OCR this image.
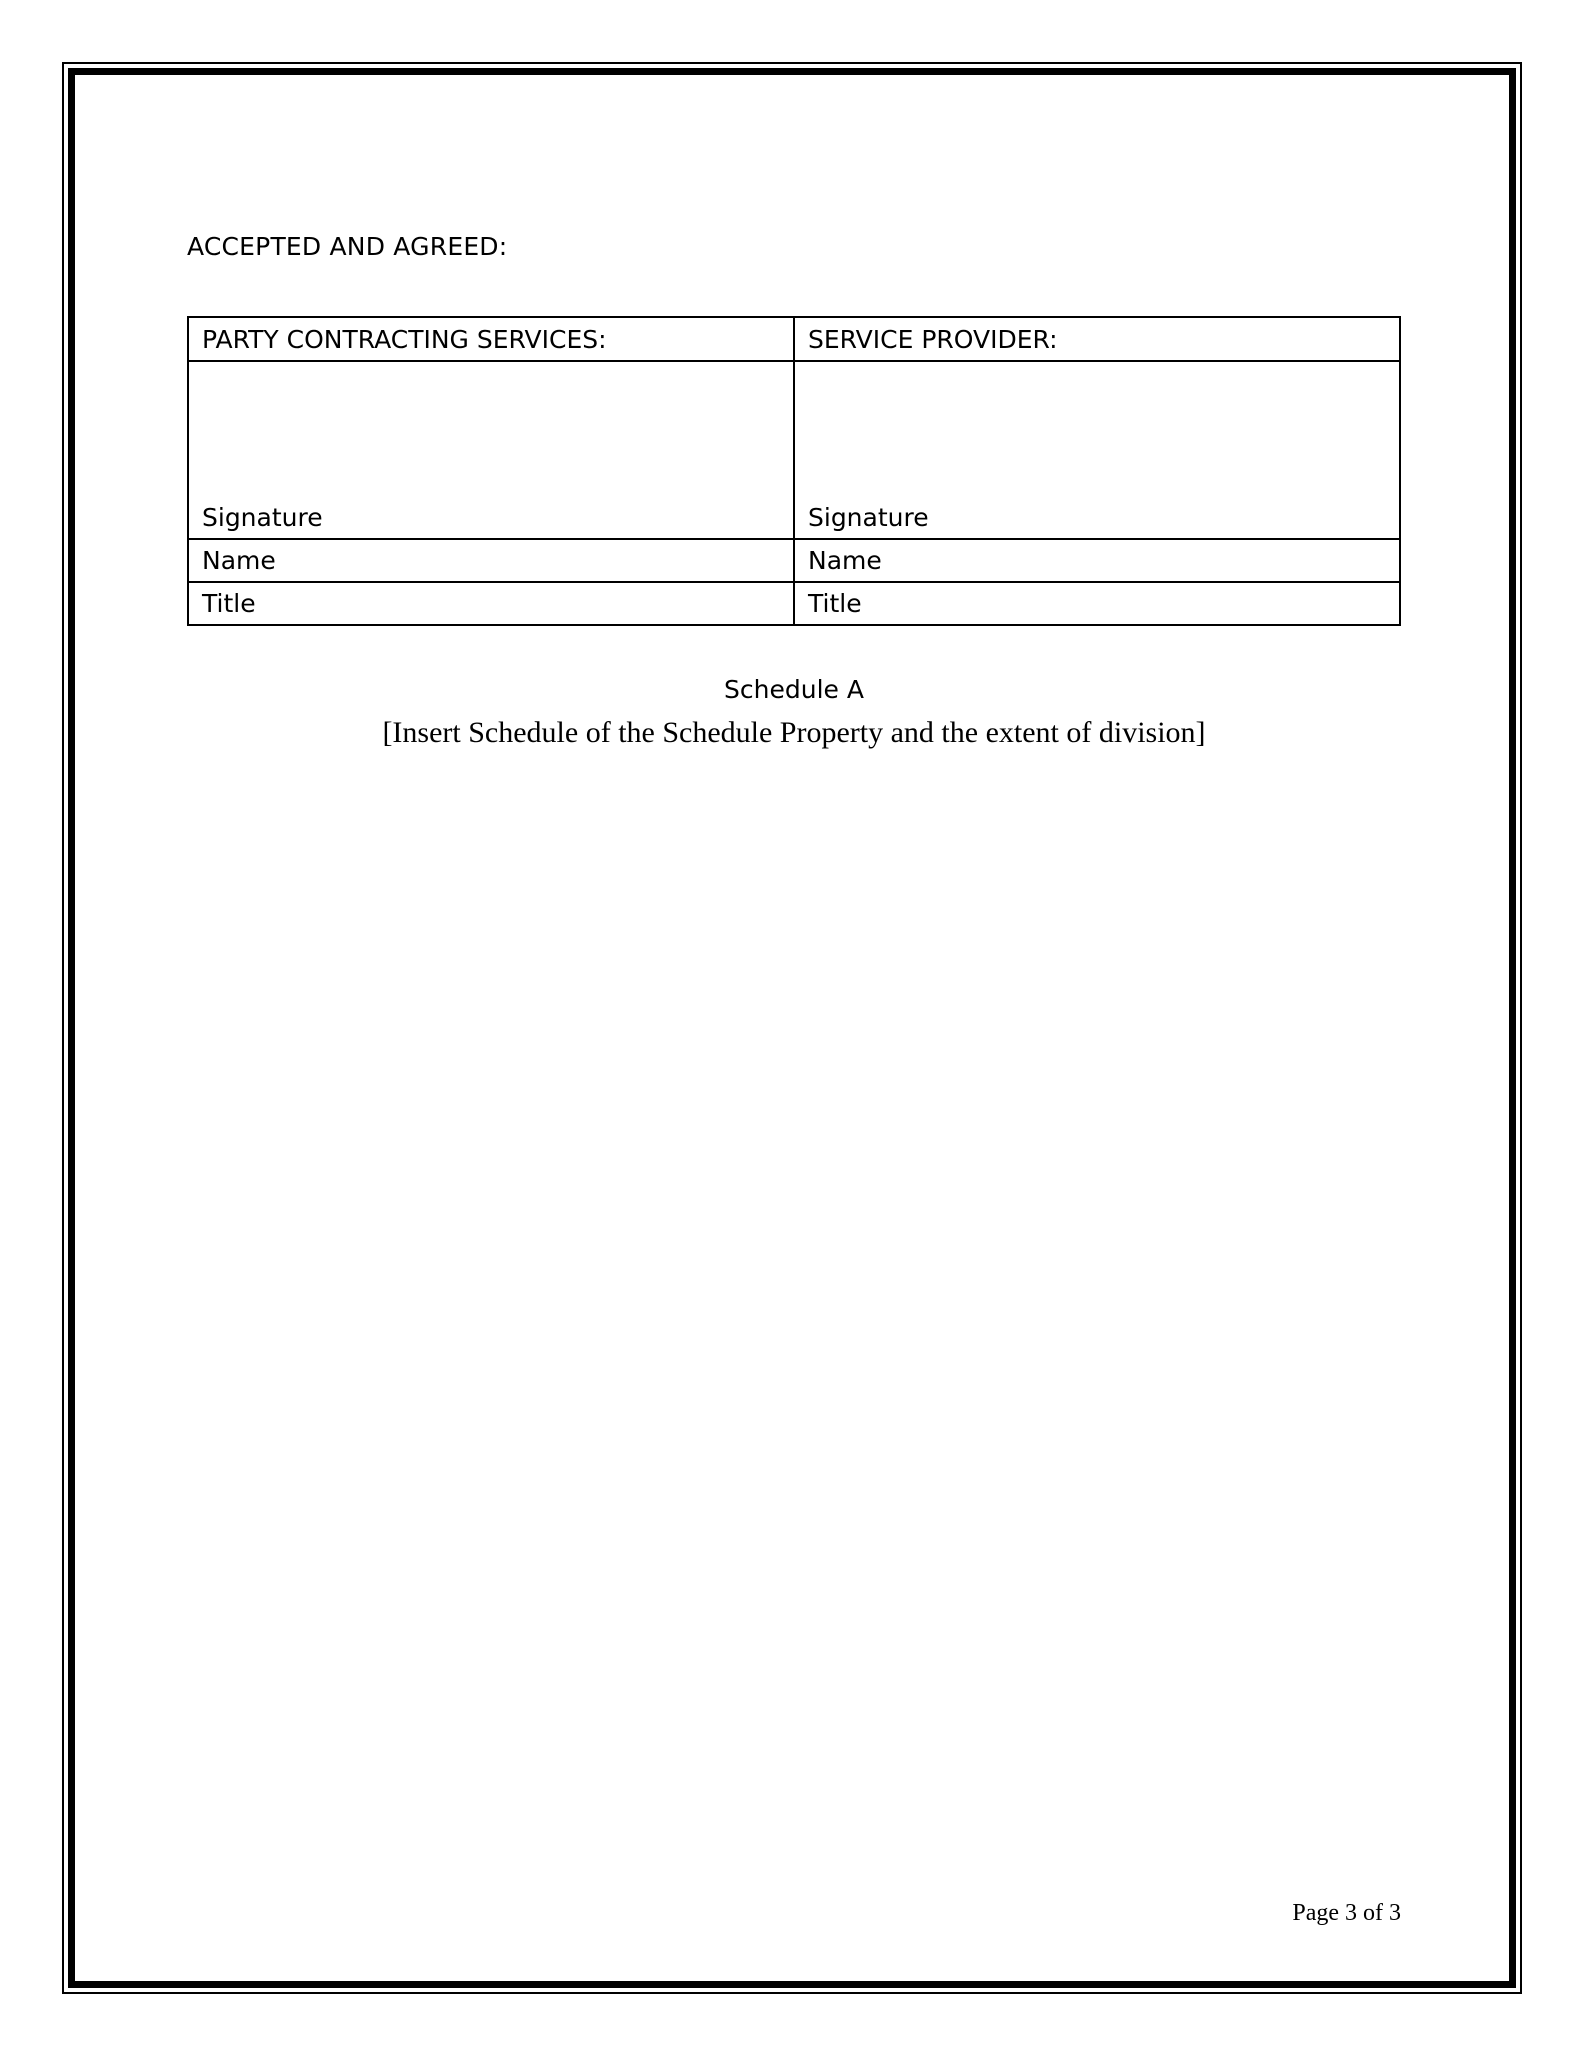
ACCEPTED AND AGREED:
PARTY CONTRACTING SERVICES:	SERVICE PROVIDER:
Signature	Signature
Name	Name
Title	Title
Schedule A
[Insert Schedule of the Schedule Property and the extent of division]
Page 3 of 3
